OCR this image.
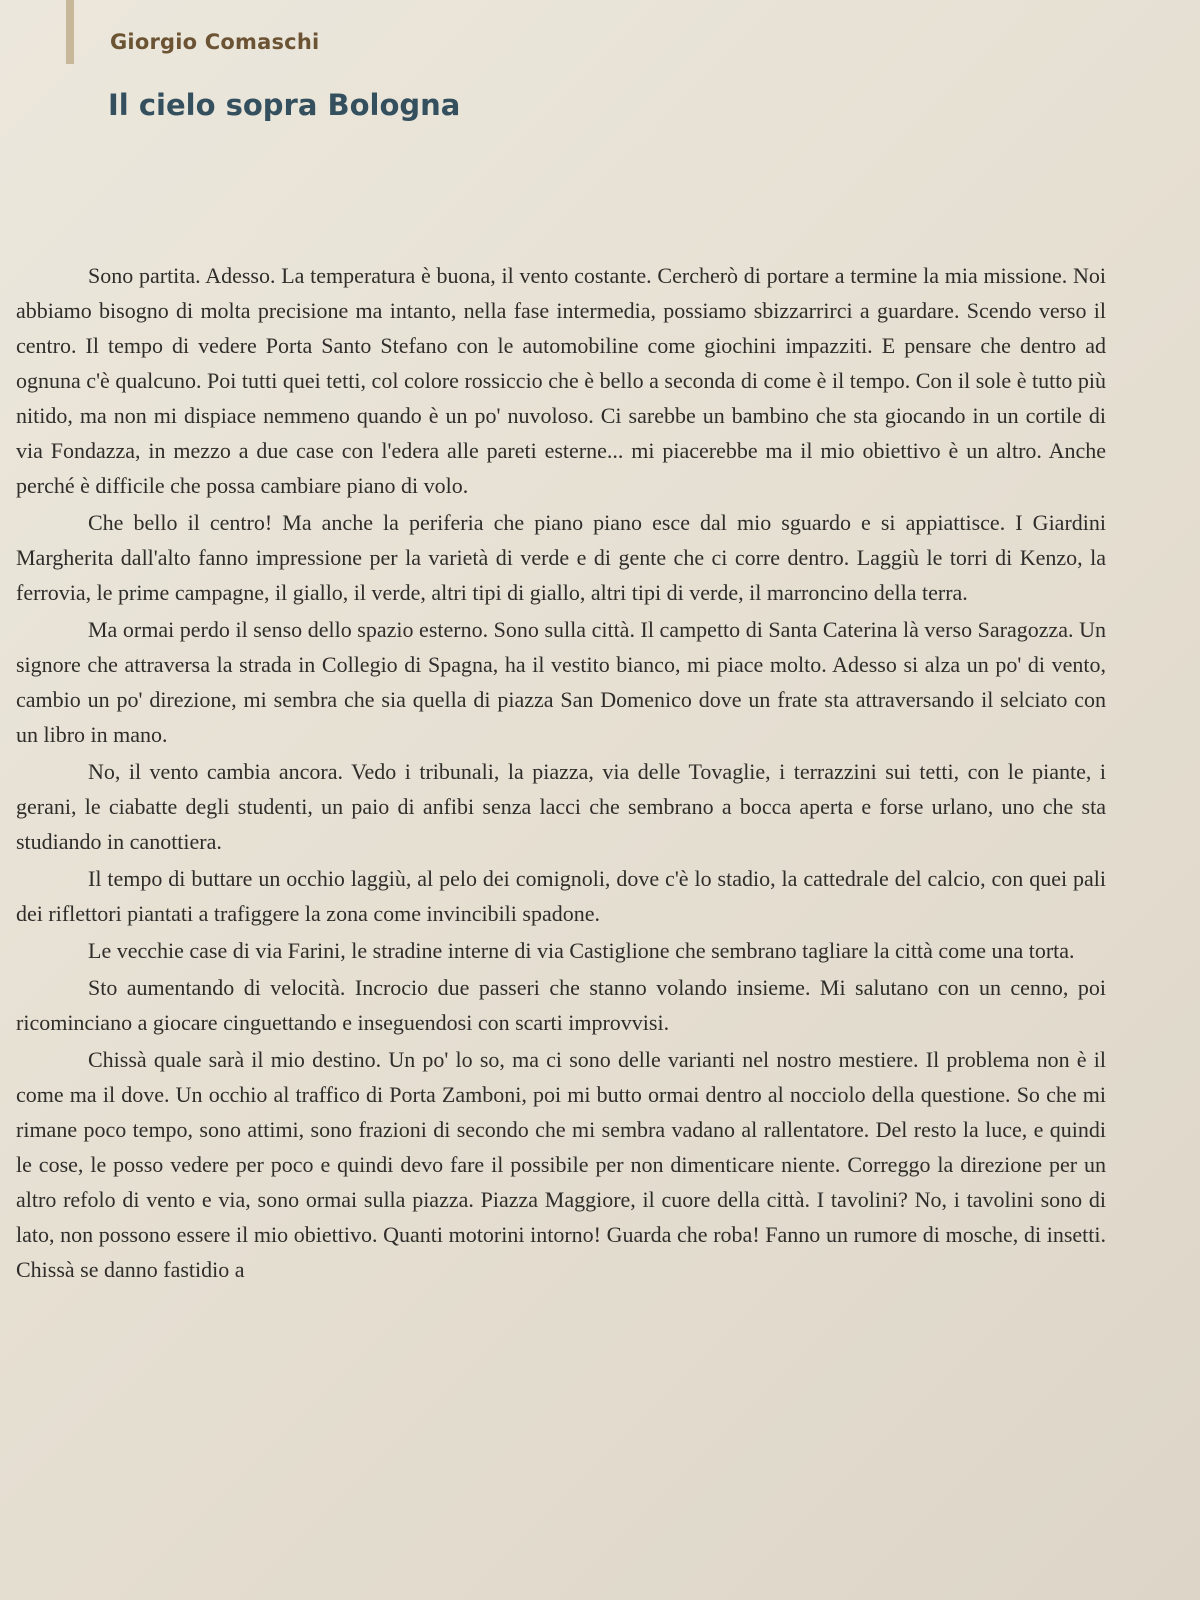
Giorgio Comaschi
Il cielo sopra Bologna

Sono partita. Adesso. La temperatura è buona, il vento costante. Cercherò di portare a termine la mia missione. Noi abbiamo bisogno di molta precisione ma intanto, nella fase intermedia, possiamo sbizzarrirci a guardare. Scendo verso il centro. Il tempo di vedere Porta Santo Stefano con le automobiline come giochini impazziti. E pensare che dentro ad ognuna c'è qualcuno. Poi tutti quei tetti, col colore rossiccio che è bello a seconda di come è il tempo. Con il sole è tutto più nitido, ma non mi dispiace nemmeno quando è un po' nuvoloso. Ci sarebbe un bambino che sta giocando in un cortile di via Fondazza, in mezzo a due case con l'edera alle pareti esterne... mi piacerebbe ma il mio obiettivo è un altro. Anche perché è difficile che possa cambiare piano di volo.

Che bello il centro! Ma anche la periferia che piano piano esce dal mio sguardo e si appiattisce. I Giardini Margherita dall'alto fanno impressione per la varietà di verde e di gente che ci corre dentro. Laggiù le torri di Kenzo, la ferrovia, le prime campagne, il giallo, il verde, altri tipi di giallo, altri tipi di verde, il marroncino della terra.

Ma ormai perdo il senso dello spazio esterno. Sono sulla città. Il campetto di Santa Caterina là verso Saragozza. Un signore che attraversa la strada in Collegio di Spagna, ha il vestito bianco, mi piace molto. Adesso si alza un po' di vento, cambio un po' direzione, mi sembra che sia quella di piazza San Domenico dove un frate sta attraversando il selciato con un libro in mano.

No, il vento cambia ancora. Vedo i tribunali, la piazza, via delle Tovaglie, i terrazzini sui tetti, con le piante, i gerani, le ciabatte degli studenti, un paio di anfibi senza lacci che sembrano a bocca aperta e forse urlano, uno che sta studiando in canottiera.

Il tempo di buttare un occhio laggiù, al pelo dei comignoli, dove c'è lo stadio, la cattedrale del calcio, con quei pali dei riflettori piantati a trafiggere la zona come invincibili spadone.

Le vecchie case di via Farini, le stradine interne di via Castiglione che sembrano tagliare la città come una torta.

Sto aumentando di velocità. Incrocio due passeri che stanno volando insieme. Mi salutano con un cenno, poi ricominciano a giocare cinguettando e inseguendosi con scarti improvvisi.

Chissà quale sarà il mio destino. Un po' lo so, ma ci sono delle varianti nel nostro mestiere. Il problema non è il come ma il dove. Un occhio al traffico di Porta Zamboni, poi mi butto ormai dentro al nocciolo della questione. So che mi rimane poco tempo, sono attimi, sono frazioni di secondo che mi sembra vadano al rallentatore. Del resto la luce, e quindi le cose, le posso vedere per poco e quindi devo fare il possibile per non dimenticare niente. Correggo la direzione per un altro refolo di vento e via, sono ormai sulla piazza. Piazza Maggiore, il cuore della città. I tavolini? No, i tavolini sono di lato, non possono essere il mio obiettivo. Quanti motorini intorno! Guarda che roba! Fanno un rumore di mosche, di insetti. Chissà se danno fastidio a
